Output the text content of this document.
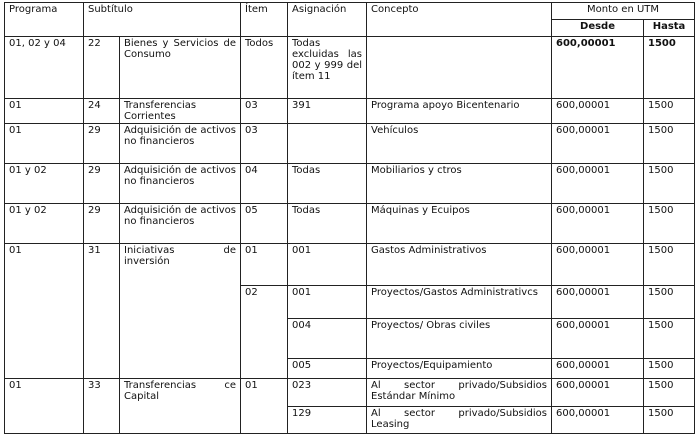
Programa	Subtítulo		Ítem	Asignación	Concepto	Monto en UTM	
						Desde	Hasta
01, 02 y 04	22	Bienes y Servicios de Consumo	Todos	Todas excluidas las 002 y 999 del ítem 11		600,00001	1500
01	24	Transferencias Corrientes	03	391	Programa apoyo Bicentenario	600,00001	1500
01	29	Adquisición de activos no financieros	03		Vehículos	600,00001	1500
01 y 02	29	Adquisición de activos no financieros	04	Todas	Mobiliarios y ctros	600,00001	1500
01 y 02	29	Adquisición de activos no financieros	05	Todas	Máquinas y Ecuipos	600,00001	1500
01	31	Iniciativas de inversión	01	001	Gastos Administrativos	600,00001	1500
			02	001	Proyectos/Gastos Administrativcs	600,00001	1500
				004	Proyectos/ Obras civiles	600,00001	1500
				005	Proyectos/Equipamiento	600,00001	1500
01	33	Transferencias ce Capital	01	023	Al sector privado/Subsidios Estándar Mínimo	600,00001	1500
				129	Al sector privado/Subsidios Leasing	600,00001	1500
